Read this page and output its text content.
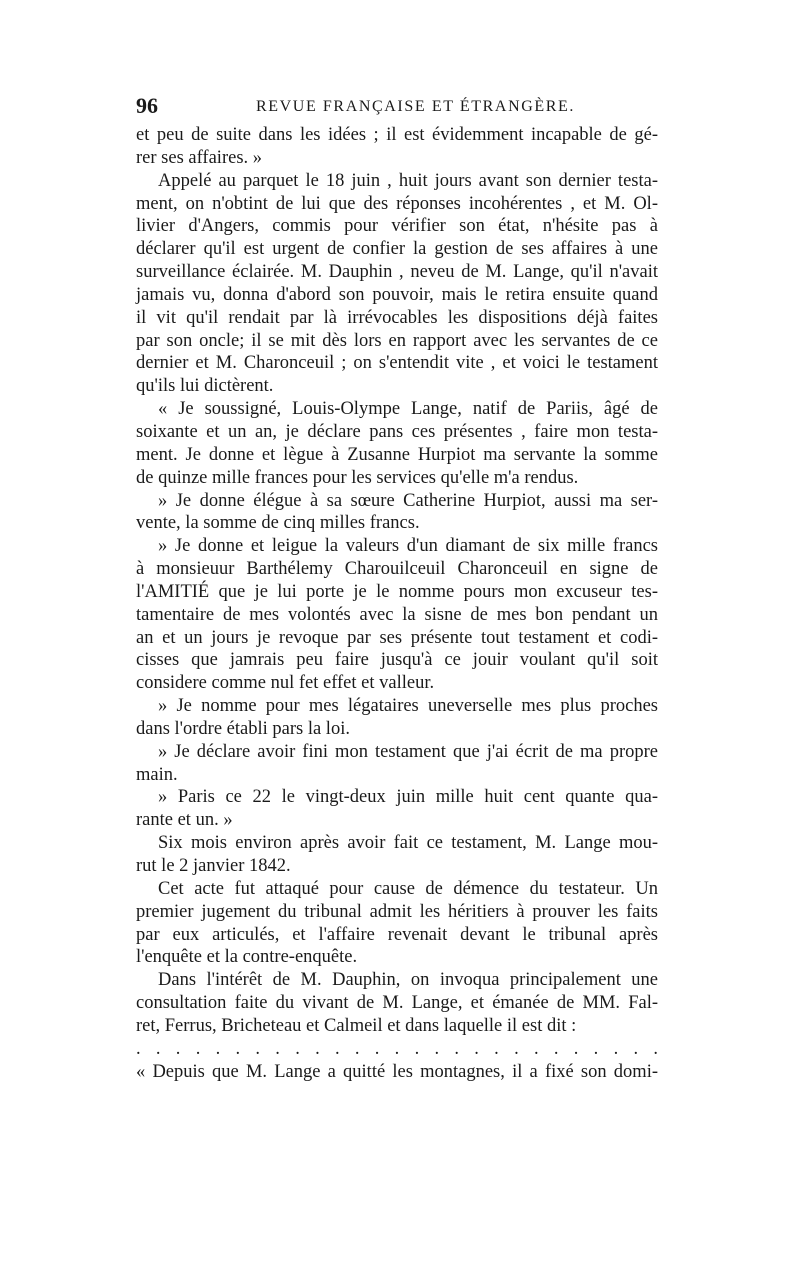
96	REVUE FRANÇAISE ET ÉTRANGÈRE.
et peu de suite dans les idées ; il est évidemment incapable de gé-
rer ses affaires. »
Appelé au parquet le 18 juin , huit jours avant son dernier testa-
ment, on n'obtint de lui que des réponses incohérentes , et M. Ol-
livier d'Angers, commis pour vérifier son état, n'hésite pas à
déclarer qu'il est urgent de confier la gestion de ses affaires à une
surveillance éclairée. M. Dauphin , neveu de M. Lange, qu'il n'avait
jamais vu, donna d'abord son pouvoir, mais le retira ensuite quand
il vit qu'il rendait par là irrévocables les dispositions déjà faites
par son oncle; il se mit dès lors en rapport avec les servantes de ce
dernier et M. Charonceuil ; on s'entendit vite , et voici le testament
qu'ils lui dictèrent.
« Je soussigné, Louis-Olympe Lange, natif de Pariis, âgé de
soixante et un an, je déclare pans ces présentes , faire mon testa-
ment. Je donne et lègue à Zusanne Hurpiot ma servante la somme
de quinze mille frances pour les services qu'elle m'a rendus.
» Je donne élégue à sa sœure Catherine Hurpiot, aussi ma ser-
vente, la somme de cinq milles francs.
» Je donne et leigue la valeurs d'un diamant de six mille francs
à monsieuur Barthélemy Charouilceuil Charonceuil en signe de
l'AMITIÉ que je lui porte je le nomme pours mon excuseur tes-
tamentaire de mes volontés avec la sisne de mes bon pendant un
an et un jours je revoque par ses présente tout testament et codi-
cisses que jamrais peu faire jusqu'à ce jouir voulant qu'il soit
considere comme nul fet effet et valleur.
» Je nomme pour mes légataires uneverselle mes plus proches
dans l'ordre établi pars la loi.
» Je déclare avoir fini mon testament que j'ai écrit de ma propre
main.
» Paris ce 22 le vingt-deux juin mille huit cent quante qua-
rante et un. »
Six mois environ après avoir fait ce testament, M. Lange mou-
rut le 2 janvier 1842.
Cet acte fut attaqué pour cause de démence du testateur. Un
premier jugement du tribunal admit les héritiers à prouver les faits
par eux articulés, et l'affaire revenait devant le tribunal après
l'enquête et la contre-enquête.
Dans l'intérêt de M. Dauphin, on invoqua principalement une
consultation faite du vivant de M. Lange, et émanée de MM. Fal-
ret, Ferrus, Bricheteau et Calmeil et dans laquelle il est dit :
. . . . . . . . . . . . . . . . . . . . . . . . . . .
« Depuis que M. Lange a quitté les montagnes, il a fixé son domi-
